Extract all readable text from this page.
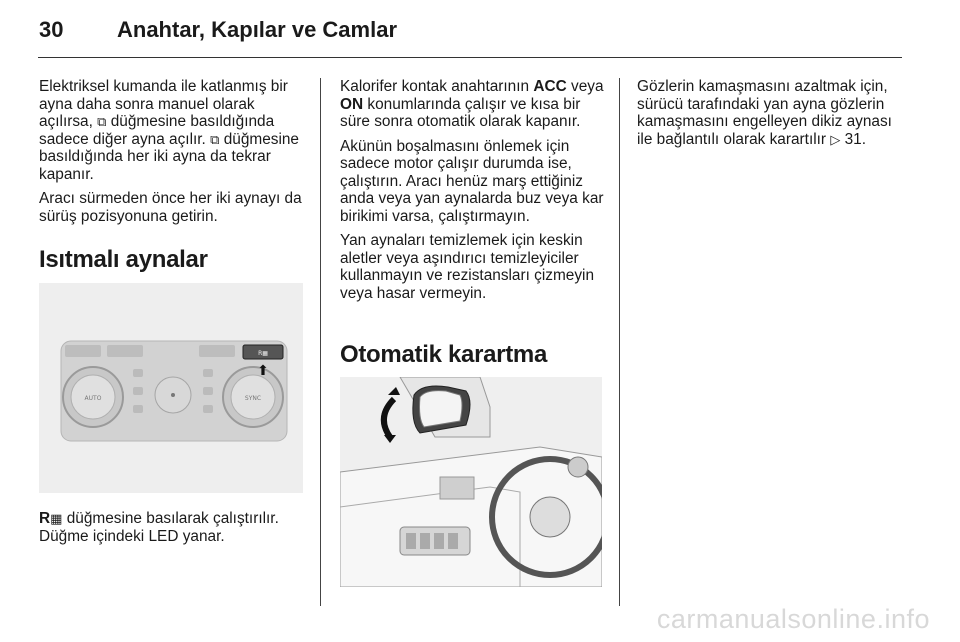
30 Anahtar, Kapılar ve Camlar

Elektriksel kumanda ile katlanmış bir ayna daha sonra manuel olarak açılırsa, ⧉ düğmesine basıldığında sadece diğer ayna açılır. ⧉ düğmesine basıldığında her iki ayna da tekrar kapanır.

Aracı sürmeden önce her iki aynayı da sürüş pozisyonuna getirin.

Isıtmalı aynalar
R▦
AUTO	SYNC
⬆

R▦ düğmesine basılarak çalıştırılır. Düğme içindeki LED yanar.

Kalorifer kontak anahtarının ACC veya ON konumlarında çalışır ve kısa bir süre sonra otomatik olarak kapanır.

Akünün boşalmasını önlemek için sadece motor çalışır durumda ise, çalıştırın. Aracı henüz marş ettiğiniz anda veya yan aynalarda buz veya kar birikimi varsa, çalıştırmayın.

Yan aynaları temizlemek için keskin aletler veya aşındırıcı temizleyiciler kullanmayın ve rezistansları çizmeyin veya hasar vermeyin.

Otomatik karartma

Gözlerin kamaşmasını azaltmak için, sürücü tarafındaki yan ayna gözlerin kamaşmasını engelleyen dikiz aynası ile bağlantılı olarak karartılır ▷ 31.

carmanualsonline.info
